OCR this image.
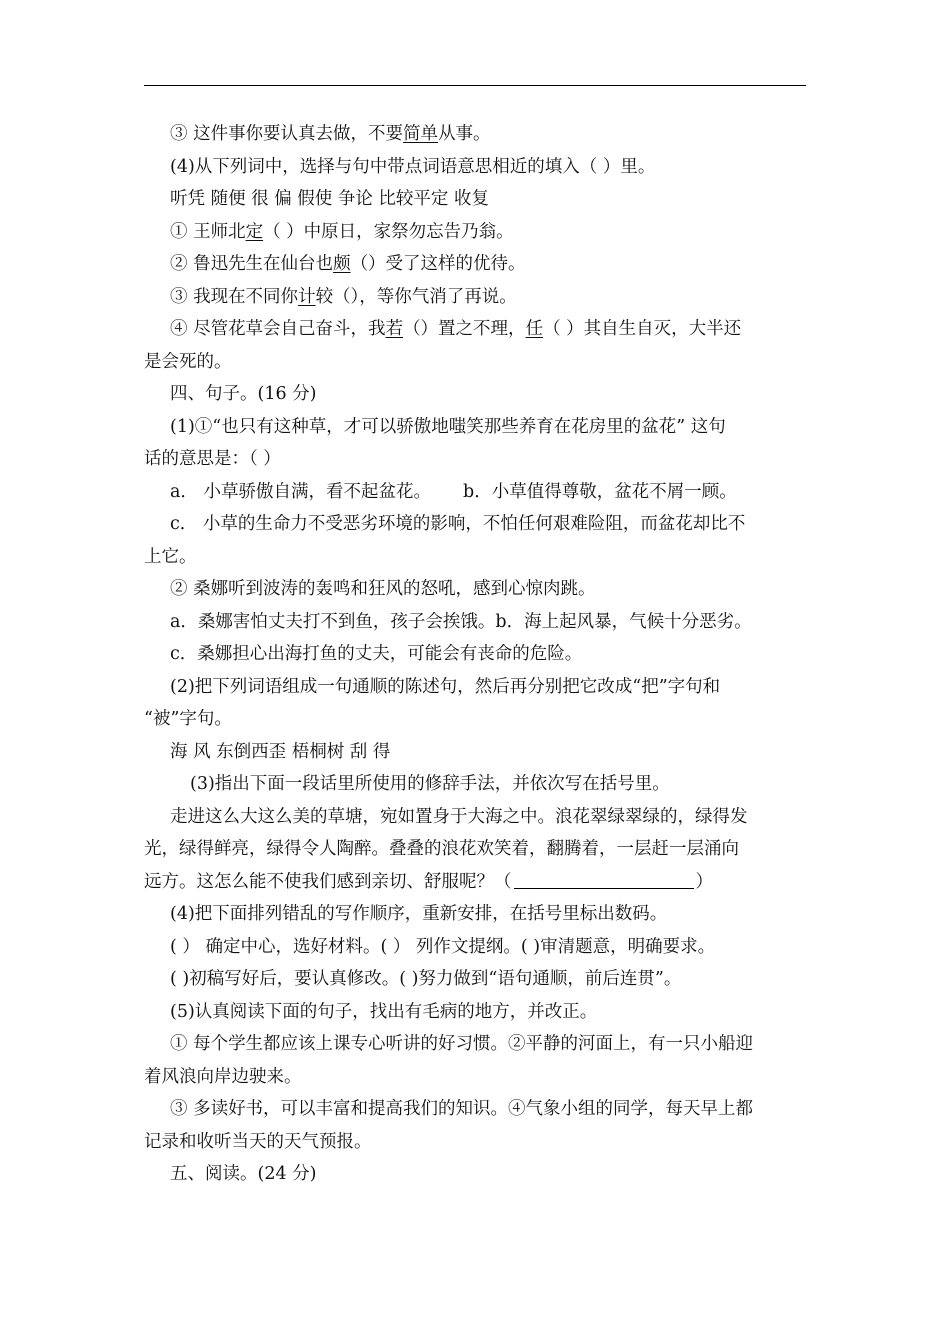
③ 这件事你要认真去做，不要简单从事。

(4)从下列词中，选择与句中带点词语意思相近的填入（ ）里。

听凭 随便 很 偏 假使 争论 比较平定 收复

① 王师北定（ ）中原日，家祭勿忘告乃翁。

② 鲁迅先生在仙台也颇（）受了这样的优待。

③ 我现在不同你计较（），等你气消了再说。

④ 尽管花草会自己奋斗，我若（）置之不理，任（ ）其自生自灭，大半还

是会死的。

四、句子。(16 分)

(1)①“也只有这种草，才可以骄傲地嗤笑那些养育在花房里的盆花” 这句

话的意思是：（ ）

a． 小草骄傲自满，看不起盆花。 b．小草值得尊敬，盆花不屑一顾。

c． 小草的生命力不受恶劣环境的影响，不怕任何艰难险阻，而盆花却比不

上它。

② 桑娜听到波涛的轰鸣和狂风的怒吼，感到心惊肉跳。

a．桑娜害怕丈夫打不到鱼，孩子会挨饿。b．海上起风暴，气候十分恶劣。

c．桑娜担心出海打鱼的丈夫，可能会有丧命的危险。

(2)把下列词语组成一句通顺的陈述句，然后再分别把它改成“把”字句和

“被”字句。

海 风 东倒西歪 梧桐树 刮 得

(3)指出下面一段话里所使用的修辞手法，并依次写在括号里。

走进这么大这么美的草塘，宛如置身于大海之中。浪花翠绿翠绿的，绿得发

光，绿得鲜亮，绿得令人陶醉。叠叠的浪花欢笑着，翻腾着，一层赶一层涌向

远方。这怎么能不使我们感到亲切、舒服呢？（	）

(4)把下面排列错乱的写作顺序，重新安排，在括号里标出数码。

( ） 确定中心，选好材料。( ） 列作文提纲。( )审清题意，明确要求。

( )初稿写好后，要认真修改。( )努力做到“语句通顺，前后连贯”。

(5)认真阅读下面的句子，找出有毛病的地方，并改正。

① 每个学生都应该上课专心听讲的好习惯。②平静的河面上，有一只小船迎

着风浪向岸边驶来。

③ 多读好书，可以丰富和提高我们的知识。④气象小组的同学，每天早上都

记录和收听当天的天气预报。

五、阅读。(24 分)
